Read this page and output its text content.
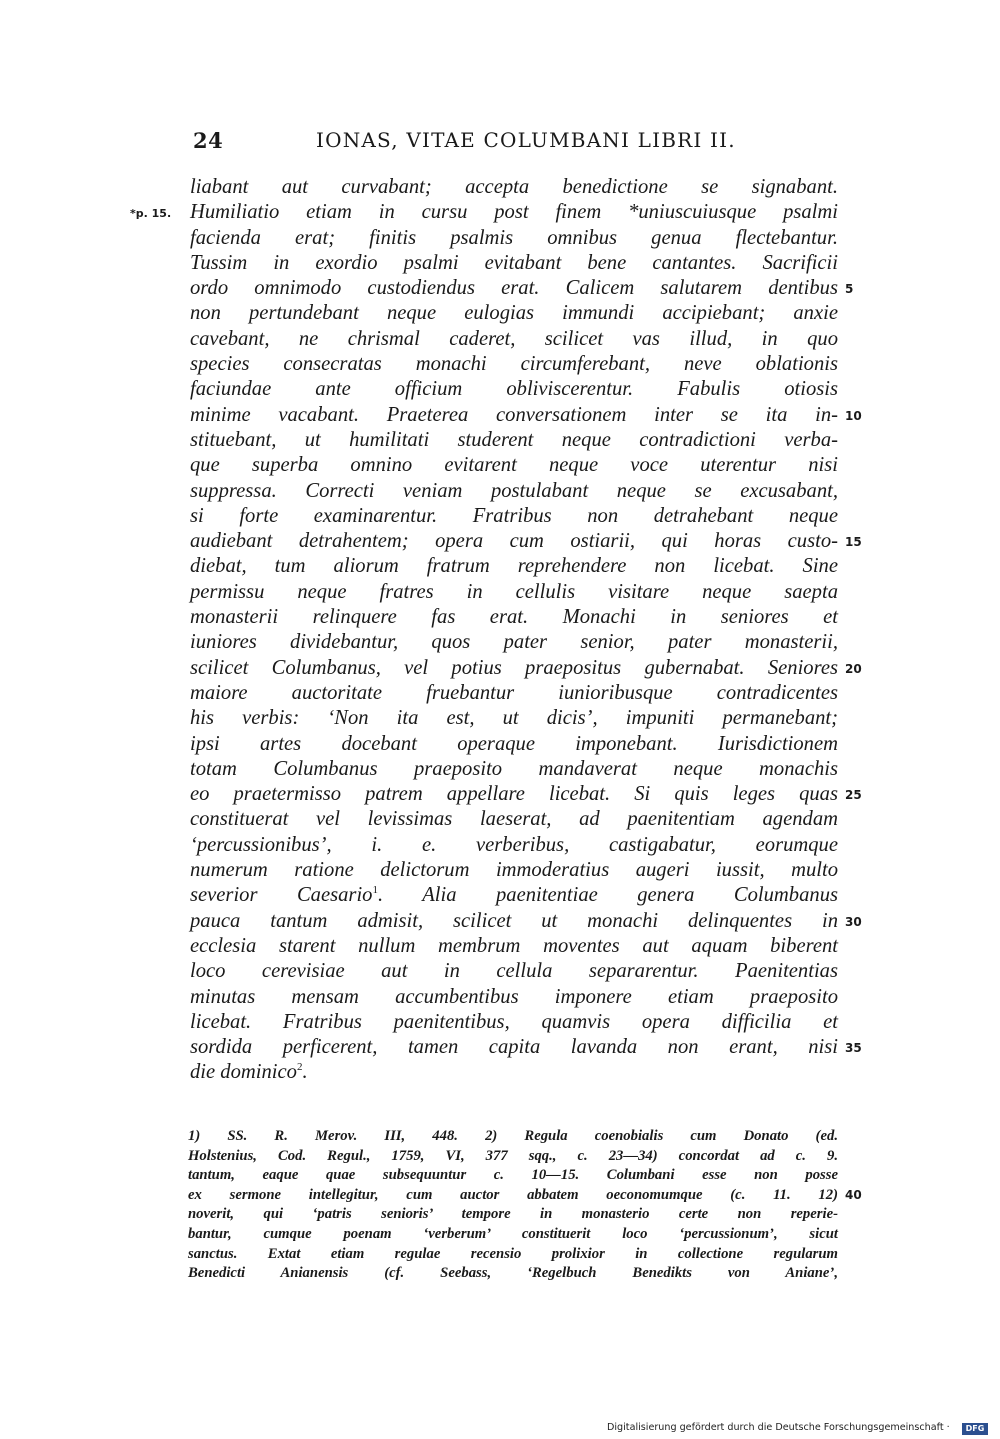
24	IONAS, VITAE COLUMBANI LIBRI II.
liabant aut curvabant; accepta benedictione se signabant.
Humiliatio etiam in cursu post finem *uniuscuiusque psalmi
*p. 15.
facienda erat; finitis psalmis omnibus genua flectebantur.
Tussim in exordio psalmi evitabant bene cantantes. Sacrificii
ordo omnimodo custodiendus erat. Calicem salutarem dentibus 5
non pertundebant neque eulogias immundi accipiebant; anxie
cavebant, ne chrismal caderet, scilicet vas illud, in quo
species consecratas monachi circumferebant, neve oblationis
faciundae ante officium obliviscerentur. Fabulis otiosis
minime vacabant. Praeterea conversationem inter se ita in- 10
stituebant, ut humilitati studerent neque contradictioni verba-
que superba omnino evitarent neque voce uterentur nisi
suppressa. Correcti veniam postulabant neque se excusabant,
si forte examinarentur. Fratribus non detrahebant neque
audiebant detrahentem; opera cum ostiarii, qui horas custo- 15
diebat, tum aliorum fratrum reprehendere non licebat. Sine
permissu neque fratres in cellulis visitare neque saepta
monasterii relinquere fas erat. Monachi in seniores et
iuniores dividebantur, quos pater senior, pater monasterii,
scilicet Columbanus, vel potius praepositus gubernabat. Seniores 20
maiore auctoritate fruebantur iunioribusque contradicentes
his verbis: ‘Non ita est, ut dicis’, impuniti permanebant;
ipsi artes docebant operaque imponebant. Iurisdictionem
totam Columbanus praeposito mandaverat neque monachis
eo praetermisso patrem appellare licebat. Si quis leges quas 25
constituerat vel levissimas laeserat, ad paenitentiam agendam
‘percussionibus’, i. e. verberibus, castigabatur, eorumque
numerum ratione delictorum immoderatius augeri iussit, multo
severior Caesario$^1$. Alia paenitentiae genera Columbanus
pauca tantum admisit, scilicet ut monachi delinquentes in 30
ecclesia starent nullum membrum moventes aut aquam biberent
loco cerevisiae aut in cellula separarentur. Paenitentias
minutas mensam accumbentibus imponere etiam praeposito
licebat. Fratribus paenitentibus, quamvis opera difficilia et
sordida perficerent, tamen capita lavanda non erant, nisi 35
die dominico$^2$.
1) SS. R. Merov. III, 448. 2) Regula coenobialis cum Donato (ed.
Holstenius, Cod. Regul., 1759, VI, 377 sqq., c. 23—34) concordat ad c. 9.
tantum, eaque quae subsequuntur c. 10—15. Columbani esse non posse
ex sermone intellegitur, cum auctor abbatem oeconomumque (c. 11. 12) 40
noverit, qui ‘patris senioris’ tempore in monasterio certe non reperie-
bantur, cumque poenam ‘verberum’ constituerit loco ‘percussionum’, sicut
sanctus. Extat etiam regulae recensio prolixior in collectione regularum
Benedicti Anianensis (cf. Seebass, ‘Regelbuch Benedikts von Aniane’,
Digitalisierung gefördert durch die Deutsche Forschungsgemeinschaft ·	DFG
